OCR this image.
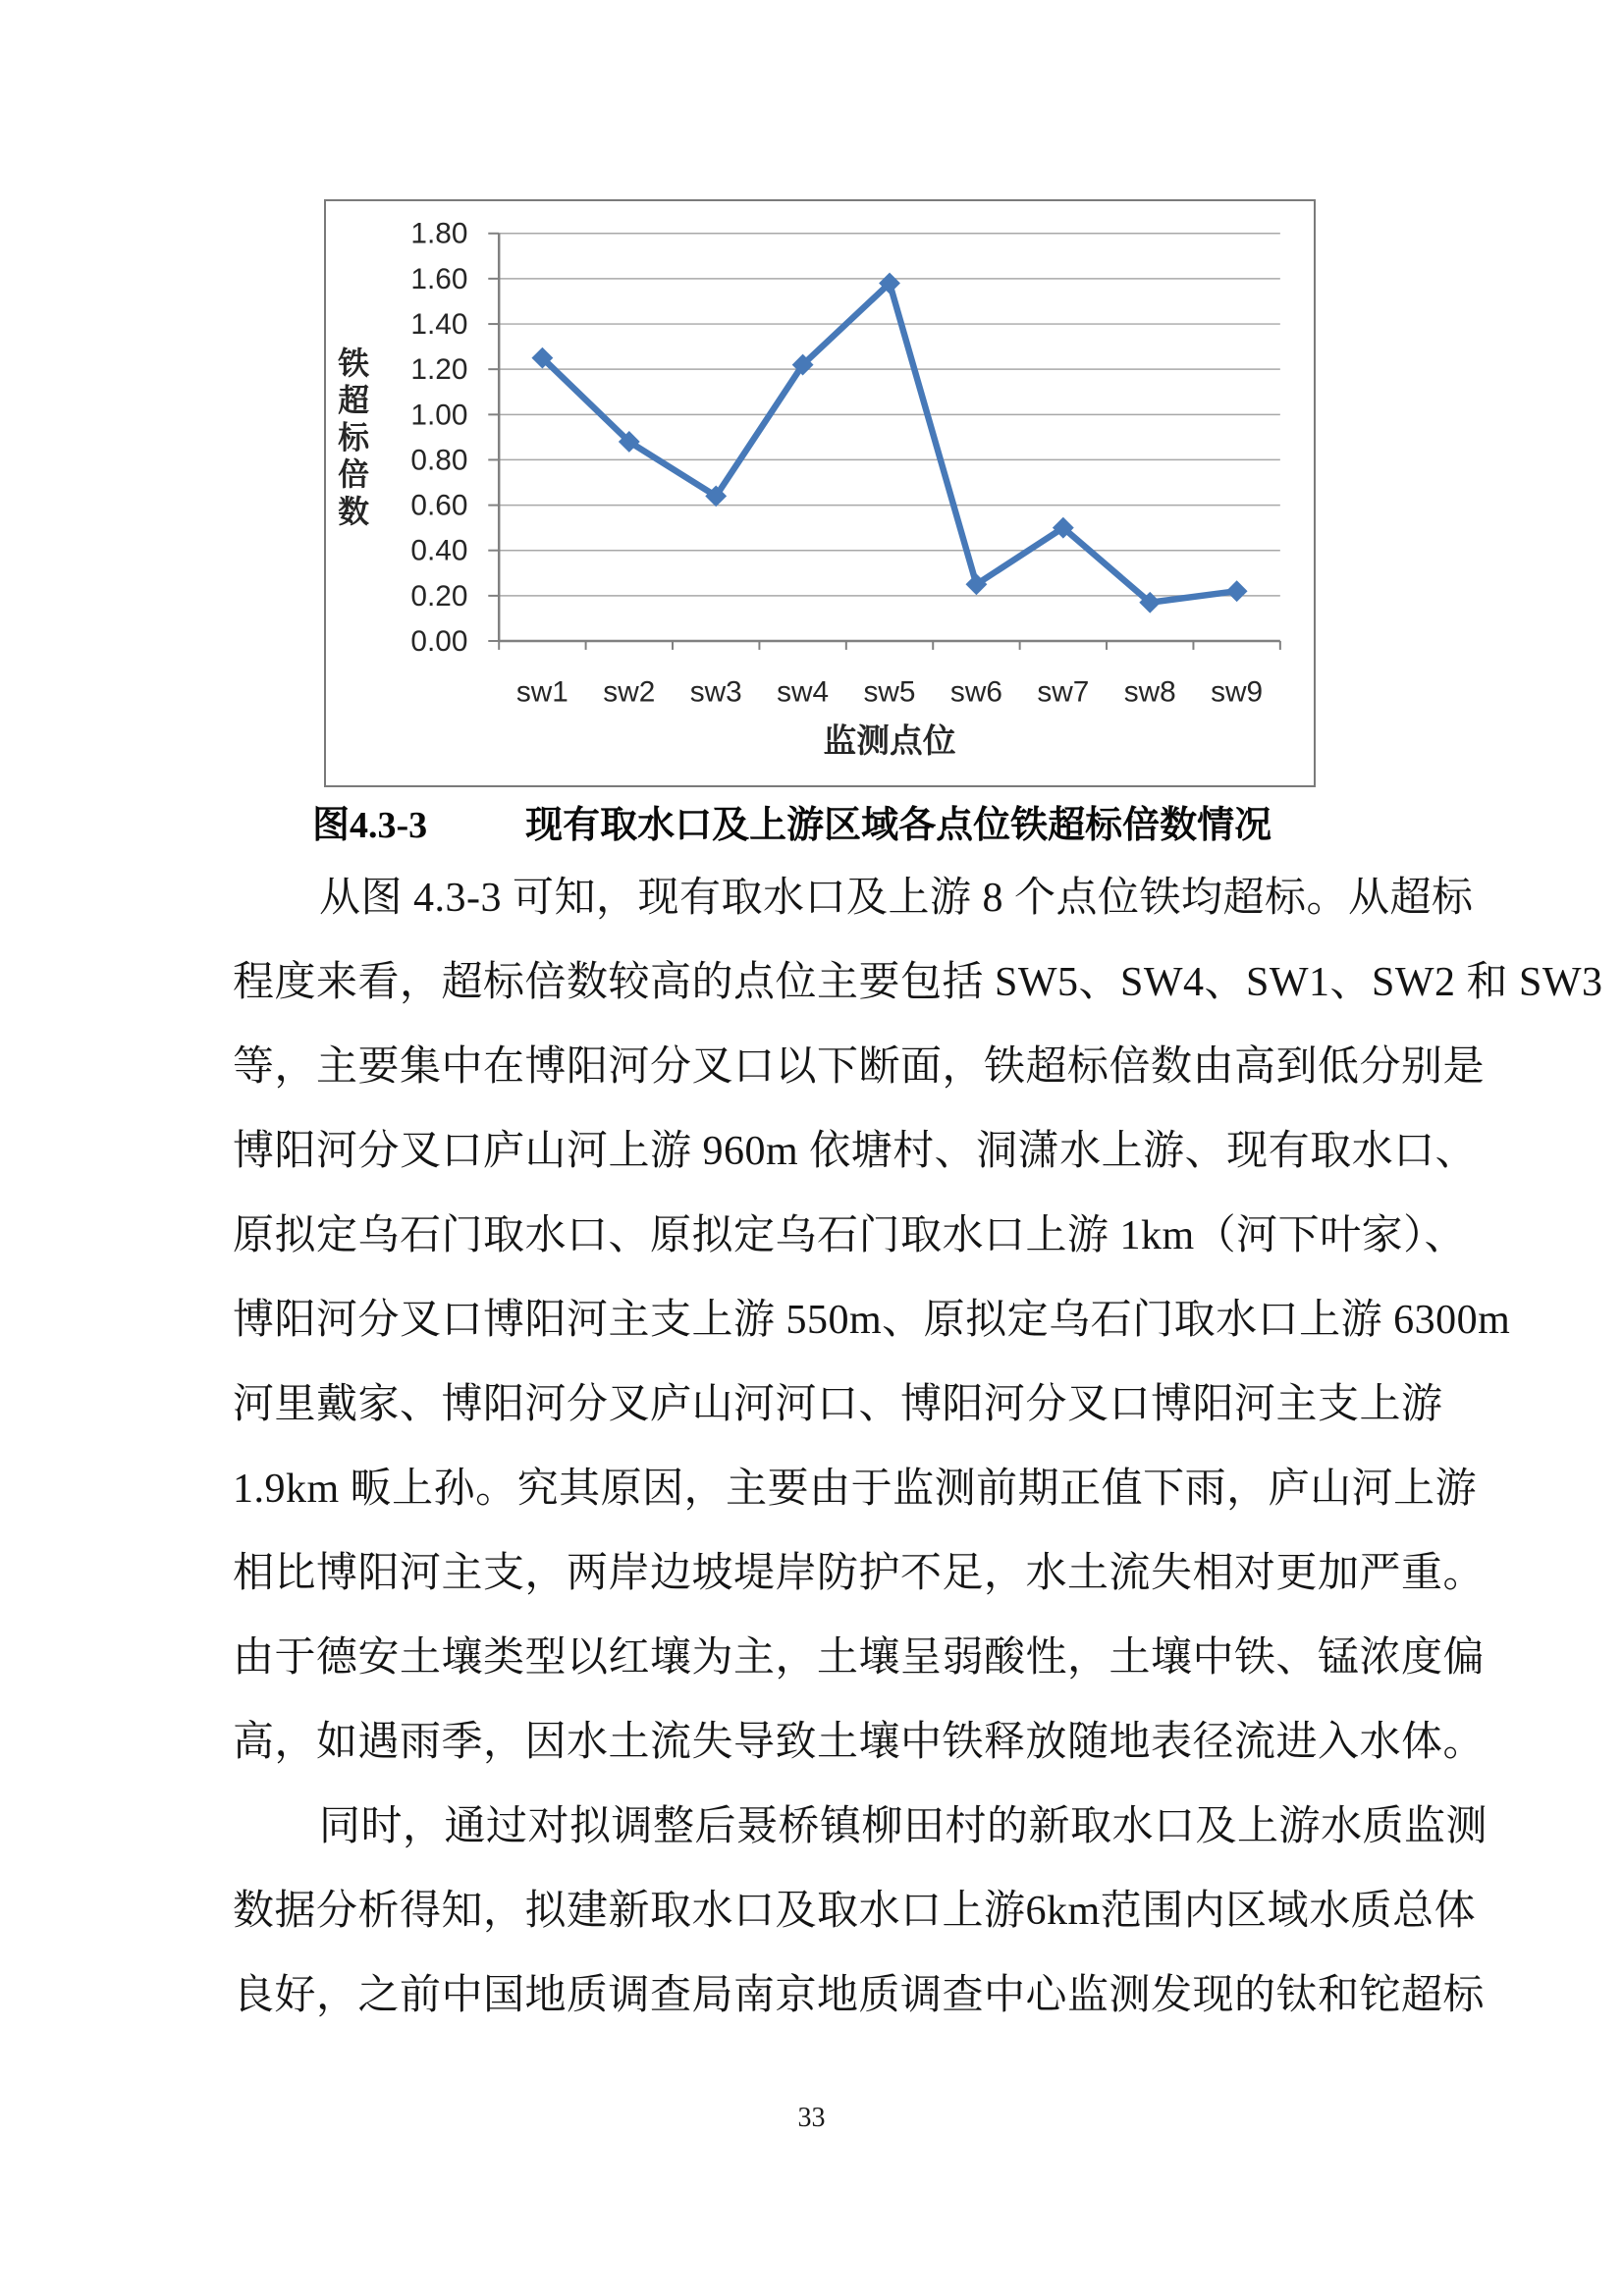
0.00
0.20
0.40
0.60
0.80
1.00
1.20
1.40
1.60
1.80
sw1 sw2 sw3 sw4 sw5 sw6 sw7 sw8 sw9
监测点位
铁
超
标
倍
数
图4.3-3	现有取水口及上游区域各点位铁超标倍数情况
从图 4.3-3 可知，现有取水口及上游 8 个点位铁均超标。从超标
程度来看，超标倍数较高的点位主要包括 SW5、SW4、SW1、SW2 和 SW3
等，主要集中在博阳河分叉口以下断面，铁超标倍数由高到低分别是
博阳河分叉口庐山河上游 960m 依塘村、洞潇水上游、现有取水口、
原拟定乌石门取水口、原拟定乌石门取水口上游 1km（河下叶家）、
博阳河分叉口博阳河主支上游 550m、原拟定乌石门取水口上游 6300m
河里戴家、博阳河分叉庐山河河口、博阳河分叉口博阳河主支上游
1.9km 畈上孙。究其原因，主要由于监测前期正值下雨，庐山河上游
相比博阳河主支，两岸边坡堤岸防护不足，水土流失相对更加严重。
由于德安土壤类型以红壤为主，土壤呈弱酸性，土壤中铁、锰浓度偏
高，如遇雨季，因水土流失导致土壤中铁释放随地表径流进入水体。
同时，通过对拟调整后聂桥镇柳田村的新取水口及上游水质监测
数据分析得知，拟建新取水口及取水口上游6km范围内区域水质总体
良好，之前中国地质调查局南京地质调查中心监测发现的钛和铊超标
33
